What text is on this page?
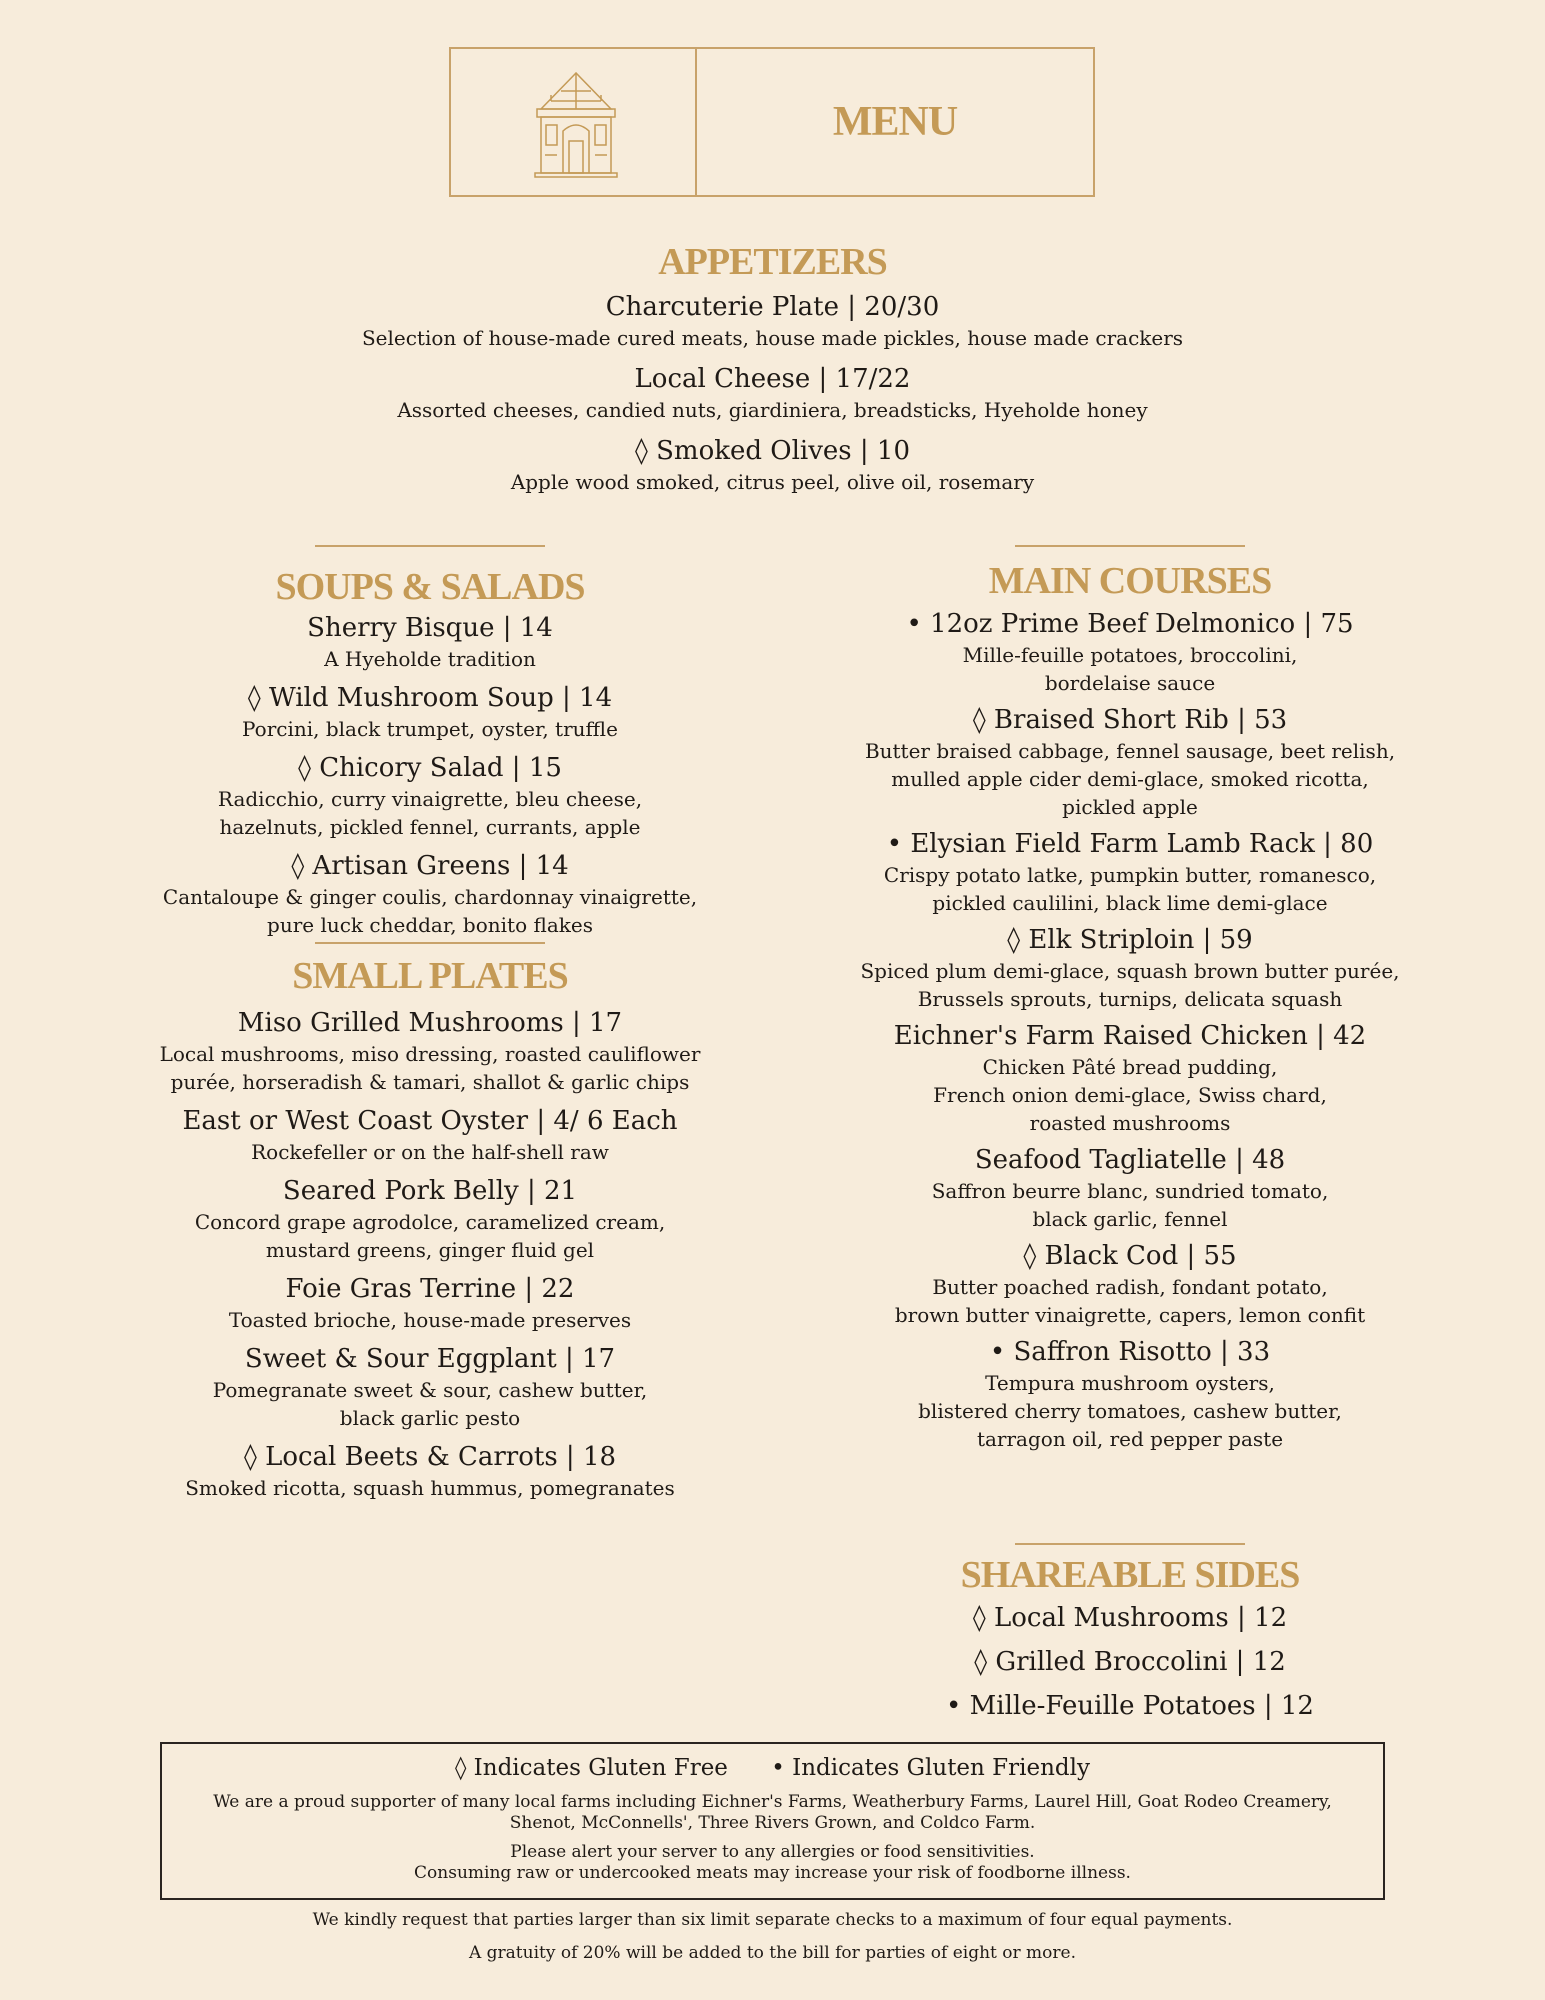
MENU
APPETIZERS
Charcuterie Plate | 20/30
Selection of house-made cured meats, house made pickles, house made crackers
Local Cheese | 17/22
Assorted cheeses, candied nuts, giardiniera, breadsticks, Hyeholde honey
◊ Smoked Olives | 10
Apple wood smoked, citrus peel, olive oil, rosemary
SOUPS & SALADS
Sherry Bisque | 14
A Hyeholde tradition
◊ Wild Mushroom Soup | 14
Porcini, black trumpet, oyster, truffle
◊ Chicory Salad | 15
Radicchio, curry vinaigrette, bleu cheese,
hazelnuts, pickled fennel, currants, apple
◊ Artisan Greens | 14
Cantaloupe & ginger coulis, chardonnay vinaigrette,
pure luck cheddar, bonito flakes
SMALL PLATES
Miso Grilled Mushrooms | 17
Local mushrooms, miso dressing, roasted cauliflower
purée, horseradish & tamari, shallot & garlic chips
East or West Coast Oyster | 4/ 6 Each
Rockefeller or on the half-shell raw
Seared Pork Belly | 21
Concord grape agrodolce, caramelized cream,
mustard greens, ginger fluid gel
Foie Gras Terrine | 22
Toasted brioche, house-made preserves
Sweet & Sour Eggplant | 17
Pomegranate sweet & sour, cashew butter,
black garlic pesto
◊ Local Beets & Carrots | 18
Smoked ricotta, squash hummus, pomegranates
MAIN COURSES
• 12oz Prime Beef Delmonico | 75
Mille-feuille potatoes, broccolini,
bordelaise sauce
◊ Braised Short Rib | 53
Butter braised cabbage, fennel sausage, beet relish,
mulled apple cider demi-glace, smoked ricotta,
pickled apple
• Elysian Field Farm Lamb Rack | 80
Crispy potato latke, pumpkin butter, romanesco,
pickled caulilini, black lime demi-glace
◊ Elk Striploin | 59
Spiced plum demi-glace, squash brown butter purée,
Brussels sprouts, turnips, delicata squash
Eichner's Farm Raised Chicken | 42
Chicken Pâté bread pudding,
French onion demi-glace, Swiss chard,
roasted mushrooms
Seafood Tagliatelle | 48
Saffron beurre blanc, sundried tomato,
black garlic, fennel
◊ Black Cod | 55
Butter poached radish, fondant potato,
brown butter vinaigrette, capers, lemon confit
• Saffron Risotto | 33
Tempura mushroom oysters,
blistered cherry tomatoes, cashew butter,
tarragon oil, red pepper paste
SHAREABLE SIDES
◊ Local Mushrooms | 12
◊ Grilled Broccolini | 12
• Mille-Feuille Potatoes | 12
◊ Indicates Gluten Free • Indicates Gluten Friendly
We are a proud supporter of many local farms including Eichner's Farms, Weatherbury Farms, Laurel Hill, Goat Rodeo Creamery,
Shenot, McConnells', Three Rivers Grown, and Coldco Farm.
Please alert your server to any allergies or food sensitivities.
Consuming raw or undercooked meats may increase your risk of foodborne illness.
We kindly request that parties larger than six limit separate checks to a maximum of four equal payments.
A gratuity of 20% will be added to the bill for parties of eight or more.
